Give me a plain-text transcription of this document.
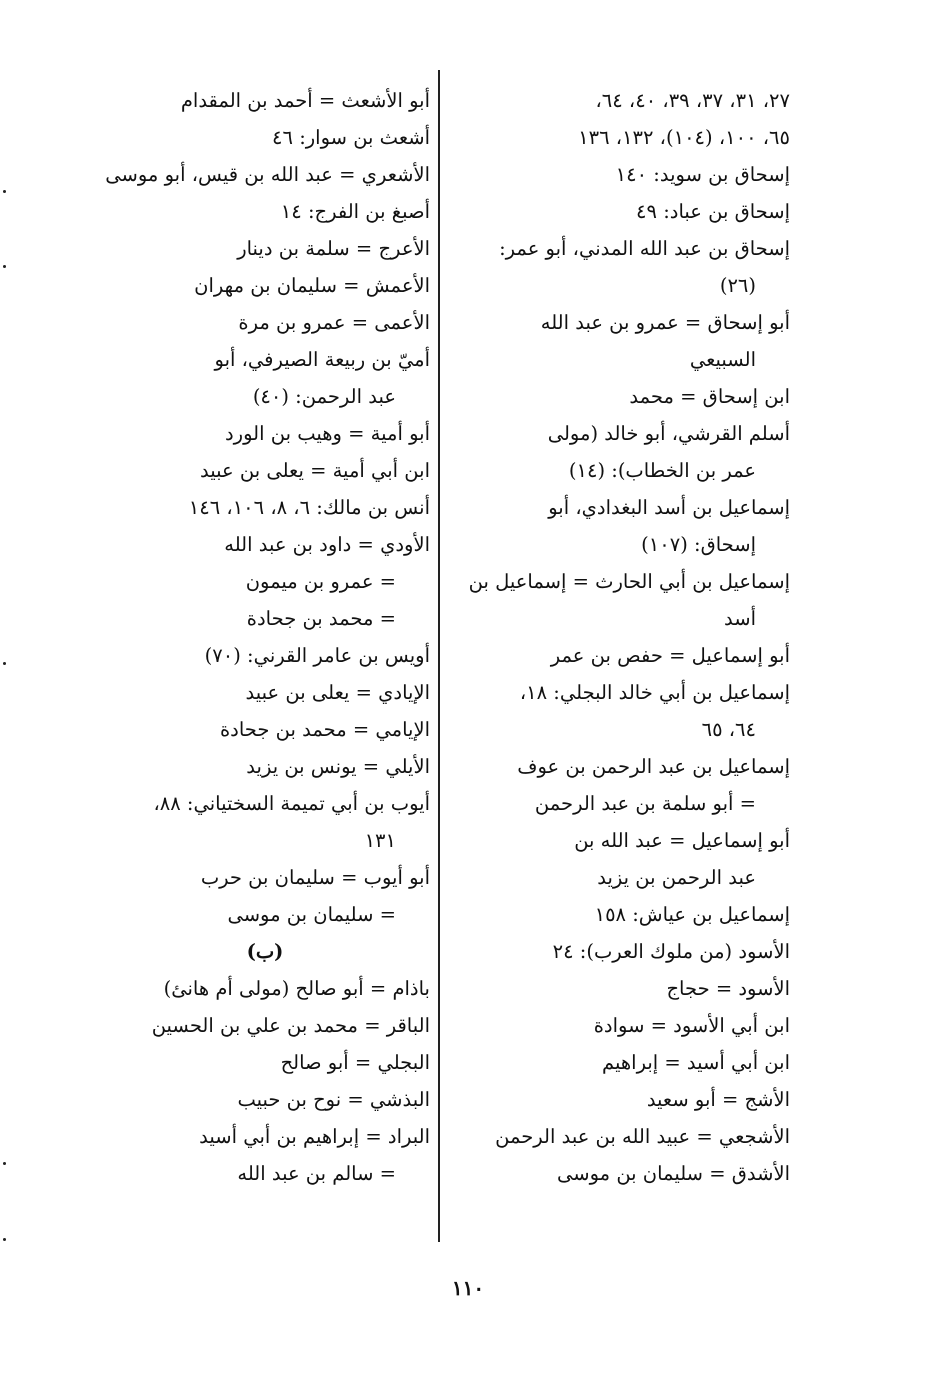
٢٧، ٣١، ٣٧، ٣٩، ٤٠، ٦٤،
٦٥، ١٠٠، (١٠٤)، ١٣٢، ١٣٦
إسحاق بن سويد: ١٤٠
إسحاق بن عباد: ٤٩
إسحاق بن عبد الله المدني، أبو عمر:
(٢٦)
أبو إسحاق = عمرو بن عبد الله
السبيعي
ابن إسحاق = محمد
أسلم القرشي، أبو خالد (مولى
عمر بن الخطاب): (١٤)
إسماعيل بن أسد البغدادي، أبو
إسحاق: (١٠٧)
إسماعيل بن أبي الحارث = إسماعيل بن
أسد
أبو إسماعيل = حفص بن عمر
إسماعيل بن أبي خالد البجلي: ١٨،
٦٤، ٦٥
إسماعيل بن عبد الرحمن بن عوف
= أبو سلمة بن عبد الرحمن
أبو إسماعيل = عبد الله بن
عبد الرحمن بن يزيد
إسماعيل بن عياش: ١٥٨
الأسود (من ملوك العرب): ٢٤
الأسود = حجاج
ابن أبي الأسود = سوادة
ابن أبي أسيد = إبراهيم
الأشج = أبو سعيد
الأشجعي = عبيد الله بن عبد الرحمن
الأشدق = سليمان بن موسى
أبو الأشعث = أحمد بن المقدام
أشعث بن سوار: ٤٦
الأشعري = عبد الله بن قيس، أبو موسى
أصبغ بن الفرج: ١٤
الأعرج = سلمة بن دينار
الأعمش = سليمان بن مهران
الأعمى = عمرو بن مرة
أميّ بن ربيعة الصيرفي، أبو
عبد الرحمن: (٤٠)
أبو أمية = وهيب بن الورد
ابن أبي أمية = يعلى بن عبيد
أنس بن مالك: ٦، ٨، ١٠٦، ١٤٦
الأودي = داود بن عبد الله
= عمرو بن ميمون
= محمد بن جحادة
أويس بن عامر القرني: (٧٠)
الإيادي = يعلى بن عبيد
الإيامي = محمد بن جحادة
الأيلي = يونس بن يزيد
أيوب بن أبي تميمة السختياني: ٨٨،
١٣١
أبو أيوب = سليمان بن حرب
= سليمان بن موسى
(ب)
باذام = أبو صالح (مولى أم هانئ)
الباقر = محمد بن علي بن الحسين
البجلي = أبو صالح
البذشي = نوح بن حبيب
البراد = إبراهيم بن أبي أسيد
= سالم بن عبد الله
١١٠
